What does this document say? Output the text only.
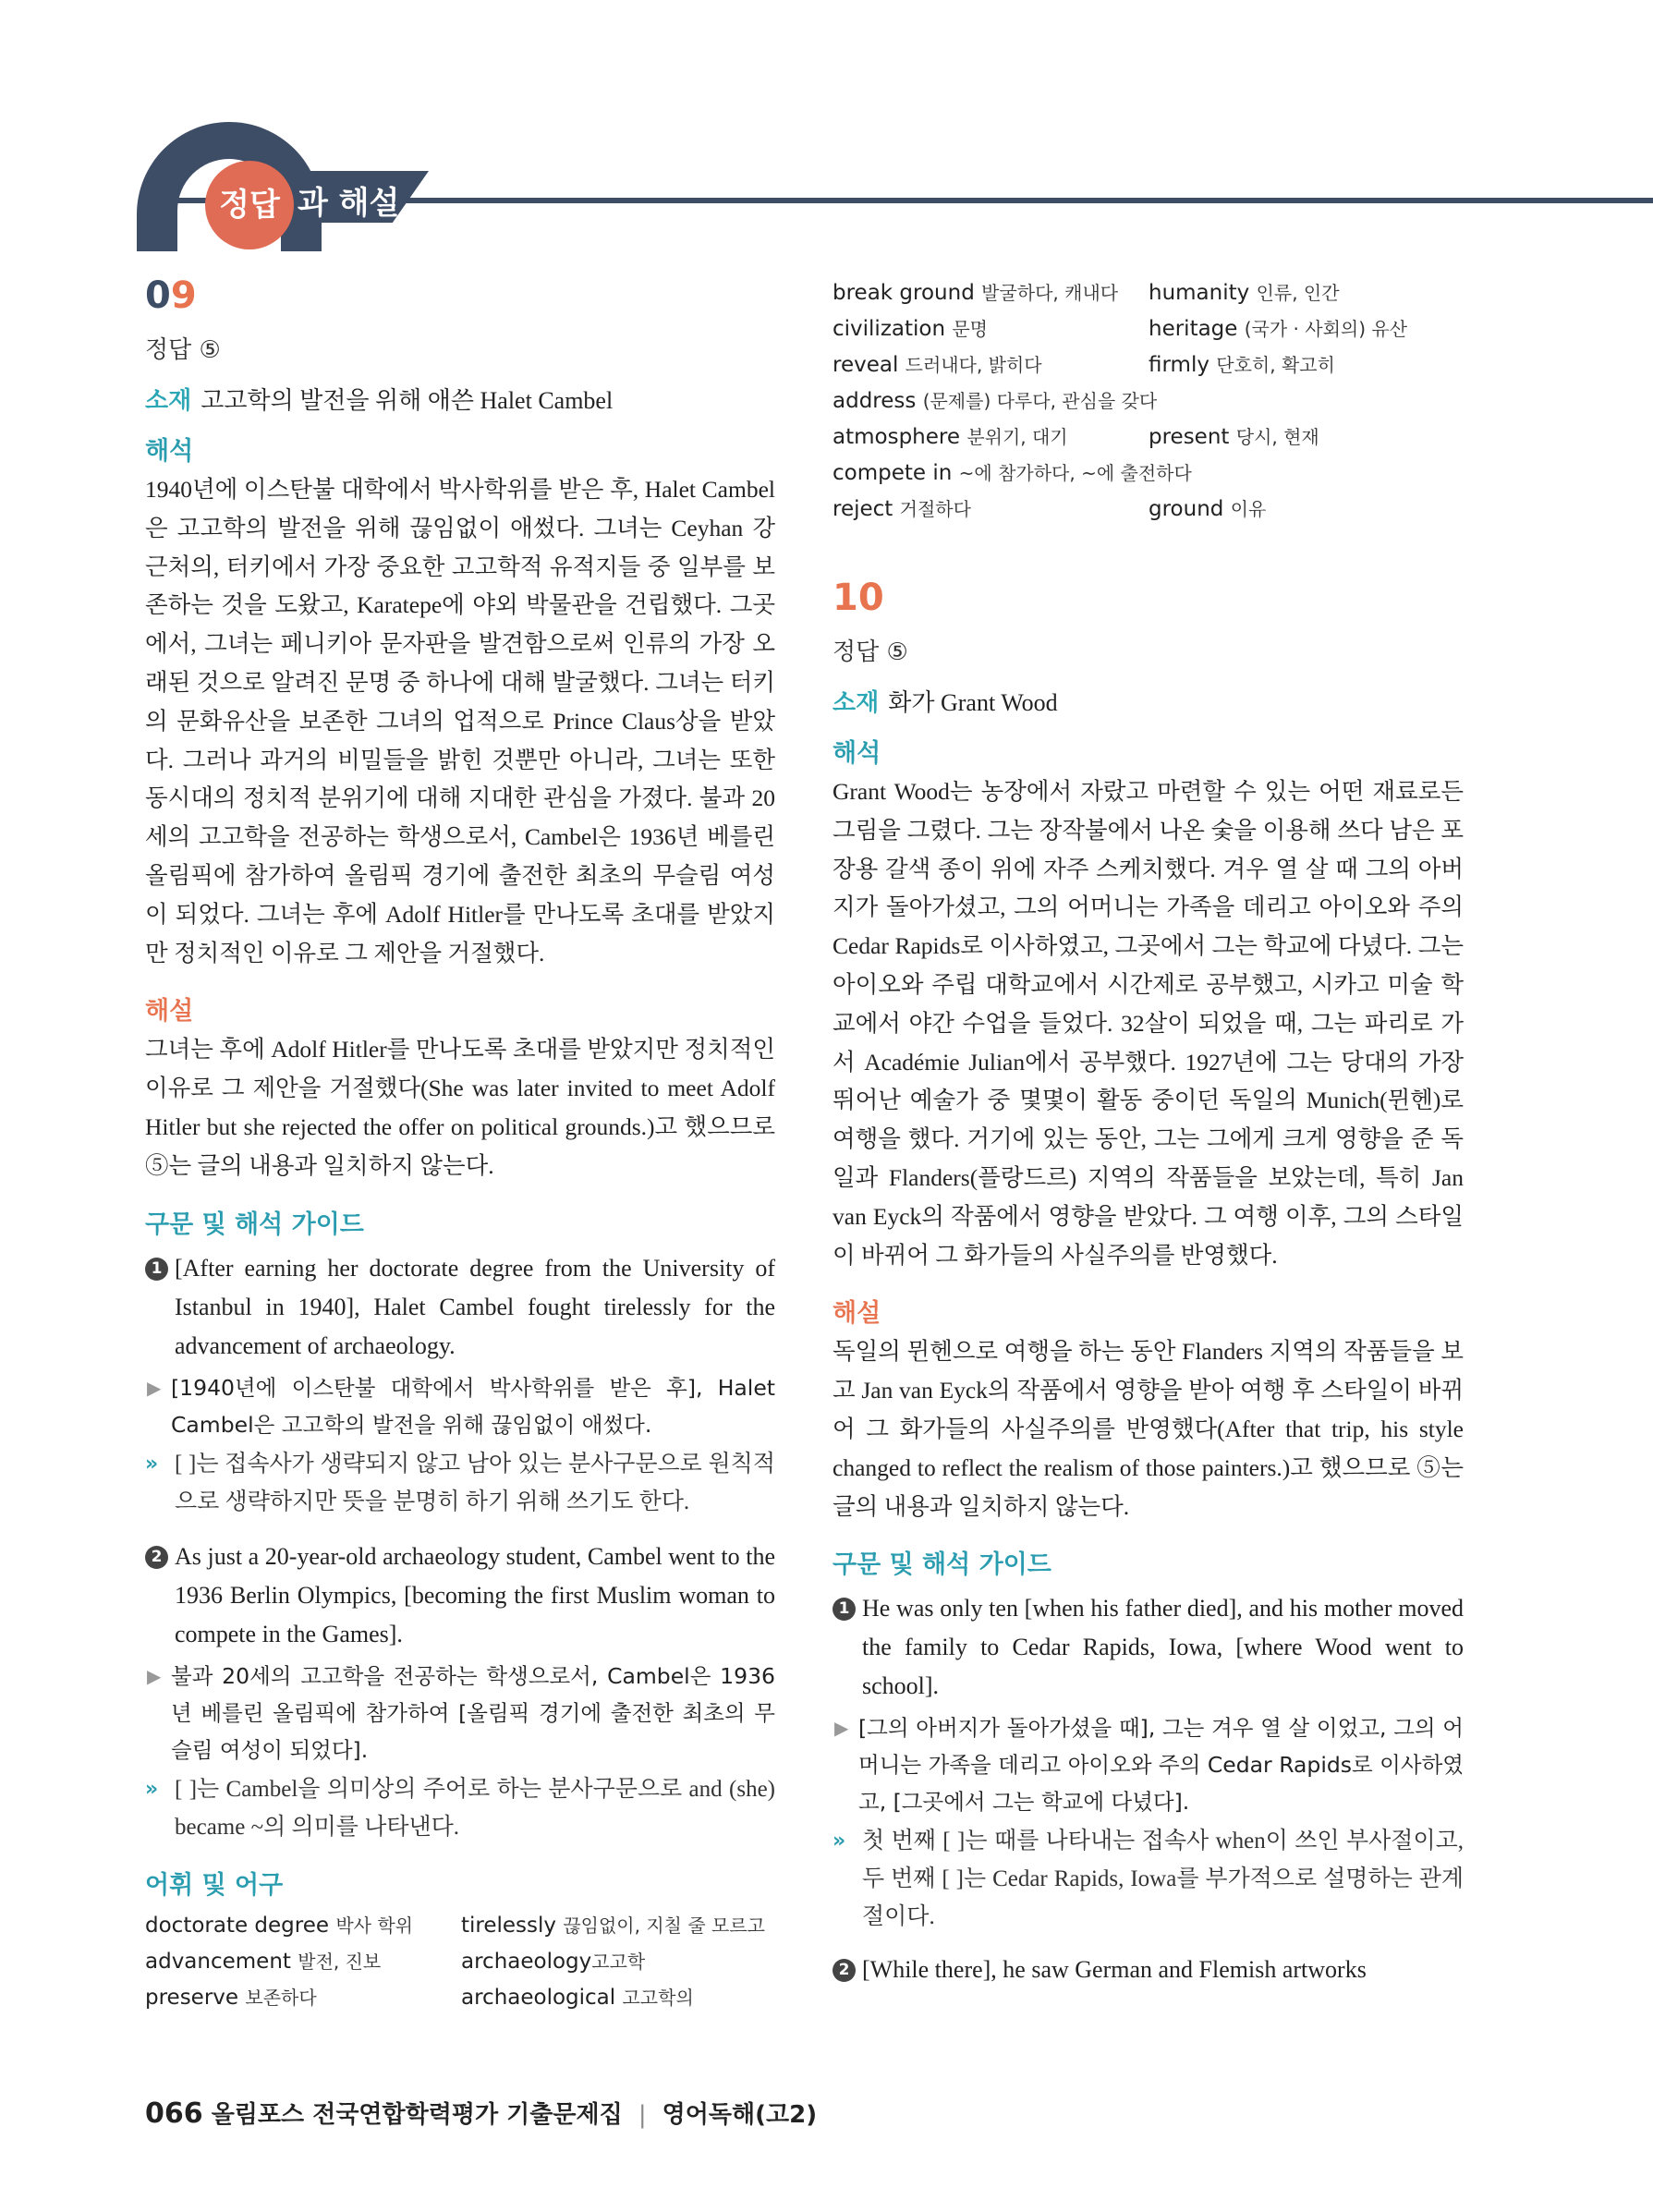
정답 과 해설
09
정답 ⑤
소재 고고학의 발전을 위해 애쓴 Halet Cambel
해석
1940년에 이스탄불 대학에서 박사학위를 받은 후, Halet Cambel은 고고학의 발전을 위해 끊임없이 애썼다. 그녀는 Ceyhan 강 근처의, 터키에서 가장 중요한 고고학적 유적지들 중 일부를 보존하는 것을 도왔고, Karatepe에 야외 박물관을 건립했다. 그곳에서, 그녀는 페니키아 문자판을 발견함으로써 인류의 가장 오래된 것으로 알려진 문명 중 하나에 대해 발굴했다. 그녀는 터키의 문화유산을 보존한 그녀의 업적으로 Prince Claus상을 받았다. 그러나 과거의 비밀들을 밝힌 것뿐만 아니라, 그녀는 또한 동시대의 정치적 분위기에 대해 지대한 관심을 가졌다. 불과 20세의 고고학을 전공하는 학생으로서, Cambel은 1936년 베를린 올림픽에 참가하여 올림픽 경기에 출전한 최초의 무슬림 여성이 되었다. 그녀는 후에 Adolf Hitler를 만나도록 초대를 받았지만 정치적인 이유로 그 제안을 거절했다.
해설
그녀는 후에 Adolf Hitler를 만나도록 초대를 받았지만 정치적인 이유로 그 제안을 거절했다(She was later invited to meet Adolf Hitler but she rejected the offer on political grounds.)고 했으므로 ⑤는 글의 내용과 일치하지 않는다.
구문 및 해석 가이드
1 [After earning her doctorate degree from the University of Istanbul in 1940], Halet Cambel fought tirelessly for the advancement of archaeology.
▶ [1940년에 이스탄불 대학에서 박사학위를 받은 후], Halet Cambel은 고고학의 발전을 위해 끊임없이 애썼다.
» [ ]는 접속사가 생략되지 않고 남아 있는 분사구문으로 원칙적으로 생략하지만 뜻을 분명히 하기 위해 쓰기도 한다.
2 As just a 20-year-old archaeology student, Cambel went to the 1936 Berlin Olympics, [becoming the first Muslim woman to compete in the Games].
▶ 불과 20세의 고고학을 전공하는 학생으로서, Cambel은 1936년 베를린 올림픽에 참가하여 [올림픽 경기에 출전한 최초의 무슬림 여성이 되었다].
» [ ]는 Cambel을 의미상의 주어로 하는 분사구문으로 and (she) became ~의 의미를 나타낸다.
어휘 및 어구
doctorate degree 박사 학위	tirelessly 끊임없이, 지칠 줄 모르고
advancement 발전, 진보	archaeology고고학
preserve 보존하다	archaeological 고고학의
break ground 발굴하다, 캐내다	humanity 인류, 인간
civilization 문명	heritage (국가 · 사회의) 유산
reveal 드러내다, 밝히다	firmly 단호히, 확고히
address (문제를) 다루다, 관심을 갖다
atmosphere 분위기, 대기	present 당시, 현재
compete in ~에 참가하다, ~에 출전하다
reject 거절하다	ground 이유
10
정답 ⑤
소재 화가 Grant Wood
해석
Grant Wood는 농장에서 자랐고 마련할 수 있는 어떤 재료로든 그림을 그렸다. 그는 장작불에서 나온 숯을 이용해 쓰다 남은 포장용 갈색 종이 위에 자주 스케치했다. 겨우 열 살 때 그의 아버지가 돌아가셨고, 그의 어머니는 가족을 데리고 아이오와 주의 Cedar Rapids로 이사하였고, 그곳에서 그는 학교에 다녔다. 그는 아이오와 주립 대학교에서 시간제로 공부했고, 시카고 미술 학교에서 야간 수업을 들었다. 32살이 되었을 때, 그는 파리로 가서 Académie Julian에서 공부했다. 1927년에 그는 당대의 가장 뛰어난 예술가 중 몇몇이 활동 중이던 독일의 Munich(뮌헨)로 여행을 했다. 거기에 있는 동안, 그는 그에게 크게 영향을 준 독일과 Flanders(플랑드르) 지역의 작품들을 보았는데, 특히 Jan van Eyck의 작품에서 영향을 받았다. 그 여행 이후, 그의 스타일이 바뀌어 그 화가들의 사실주의를 반영했다.
해설
독일의 뮌헨으로 여행을 하는 동안 Flanders 지역의 작품들을 보고 Jan van Eyck의 작품에서 영향을 받아 여행 후 스타일이 바뀌어 그 화가들의 사실주의를 반영했다(After that trip, his style changed to reflect the realism of those painters.)고 했으므로 ⑤는 글의 내용과 일치하지 않는다.
구문 및 해석 가이드
1 He was only ten [when his father died], and his mother moved the family to Cedar Rapids, Iowa, [where Wood went to school].
▶ [그의 아버지가 돌아가셨을 때], 그는 겨우 열 살 이었고, 그의 어머니는 가족을 데리고 아이오와 주의 Cedar Rapids로 이사하였고, [그곳에서 그는 학교에 다녔다].
» 첫 번째 [ ]는 때를 나타내는 접속사 when이 쓰인 부사절이고, 두 번째 [ ]는 Cedar Rapids, Iowa를 부가적으로 설명하는 관계절이다.
2 [While there], he saw German and Flemish artworks
066 올림포스 전국연합학력평가 기출문제집 | 영어독해(고2)
